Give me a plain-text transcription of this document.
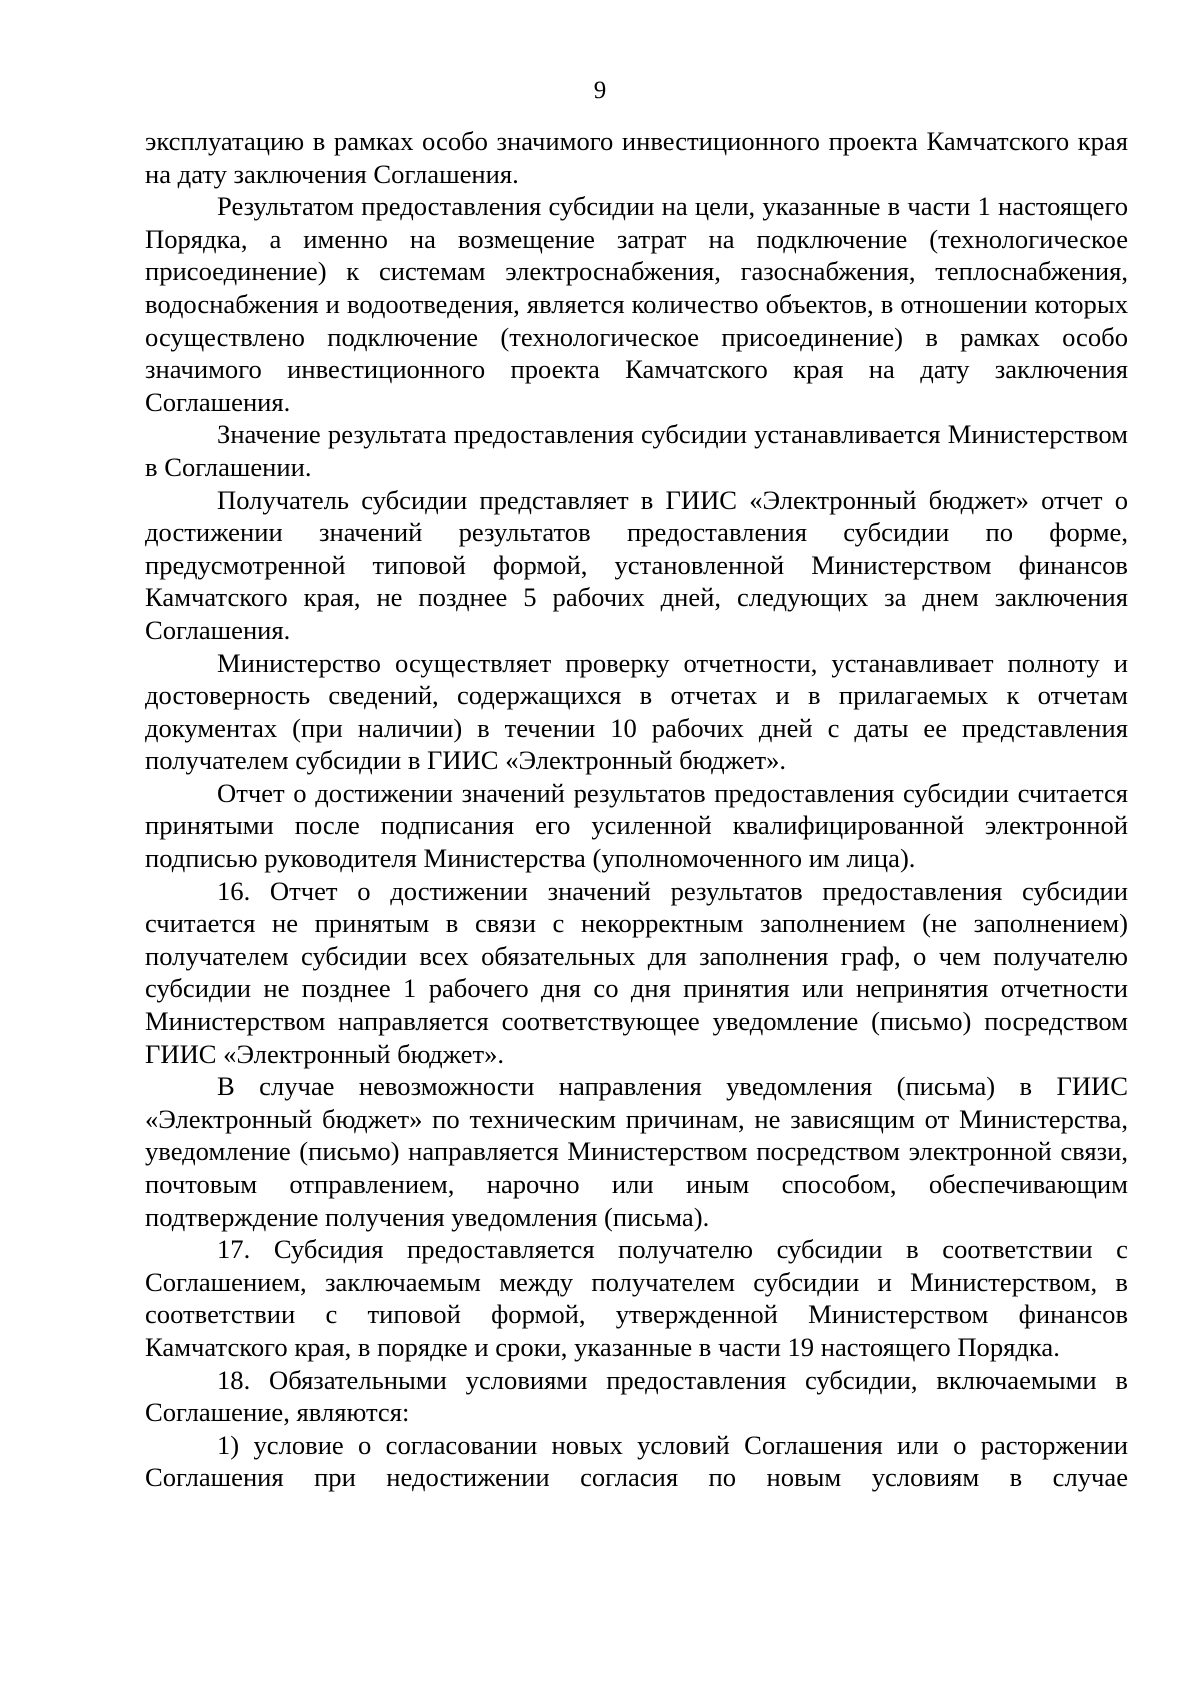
9

эксплуатацию в рамках особо значимого инвестиционного проекта Камчатского края на дату заключения Соглашения.

Результатом предоставления субсидии на цели, указанные в части 1 настоящего Порядка, а именно на возмещение затрат на подключение (технологическое присоединение) к системам электроснабжения, газоснабжения, теплоснабжения, водоснабжения и водоотведения, является количество объектов, в отношении которых осуществлено подключение (технологическое присоединение) в рамках особо значимого инвестиционного проекта Камчатского края на дату заключения Соглашения.

Значение результата предоставления субсидии устанавливается Министерством в Соглашении.

Получатель субсидии представляет в ГИИС «Электронный бюджет» отчет о достижении значений результатов предоставления субсидии по форме, предусмотренной типовой формой, установленной Министерством финансов Камчатского края, не позднее 5 рабочих дней, следующих за днем заключения Соглашения.

Министерство осуществляет проверку отчетности, устанавливает полноту и достоверность сведений, содержащихся в отчетах и в прилагаемых к отчетам документах (при наличии) в течении 10 рабочих дней с даты ее представления получателем субсидии в ГИИС «Электронный бюджет».

Отчет о достижении значений результатов предоставления субсидии считается принятыми после подписания его усиленной квалифицированной электронной подписью руководителя Министерства (уполномоченного им лица).

16. Отчет о достижении значений результатов предоставления субсидии считается не принятым в связи с некорректным заполнением (не заполнением) получателем субсидии всех обязательных для заполнения граф, о чем получателю субсидии не позднее 1 рабочего дня со дня принятия или непринятия отчетности Министерством направляется соответствующее уведомление (письмо) посредством ГИИС «Электронный бюджет».

В случае невозможности направления уведомления (письма) в ГИИС «Электронный бюджет» по техническим причинам, не зависящим от Министерства, уведомление (письмо) направляется Министерством посредством электронной связи, почтовым отправлением, нарочно или иным способом, обеспечивающим подтверждение получения уведомления (письма).

17. Субсидия предоставляется получателю субсидии в соответствии с Соглашением, заключаемым между получателем субсидии и Министерством, в соответствии с типовой формой, утвержденной Министерством финансов Камчатского края, в порядке и сроки, указанные в части 19 настоящего Порядка.

18. Обязательными условиями предоставления субсидии, включаемыми в Соглашение, являются:

1) условие о согласовании новых условий Соглашения или о расторжении Соглашения при недостижении согласия по новым условиям в случае
